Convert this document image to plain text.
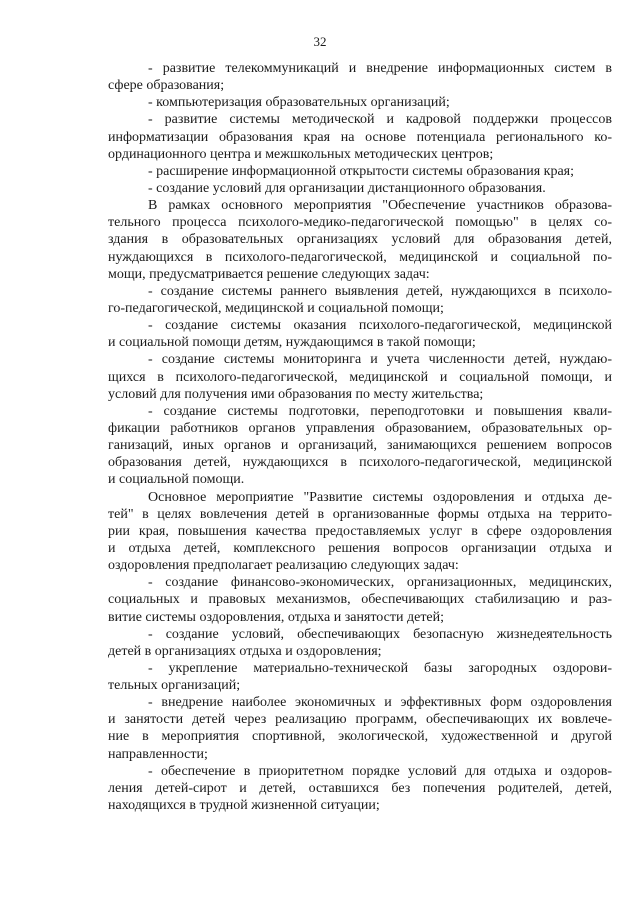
32
- развитие телекоммуникаций и внедрение информационных систем в
сфере образования;
- компьютеризация образовательных организаций;
- развитие системы методической и кадровой поддержки процессов
информатизации образования края на основе потенциала регионального ко-
ординационного центра и межшкольных методических центров;
- расширение информационной открытости системы образования края;
- создание условий для организации дистанционного образования.
В рамках основного мероприятия "Обеспечение участников образова-
тельного процесса психолого-медико-педагогической помощью" в целях со-
здания в образовательных организациях условий для образования детей,
нуждающихся в психолого-педагогической, медицинской и социальной по-
мощи, предусматривается решение следующих задач:
- создание системы раннего выявления детей, нуждающихся в психоло-
го-педагогической, медицинской и социальной помощи;
- создание системы оказания психолого-педагогической, медицинской
и социальной помощи детям, нуждающимся в такой помощи;
- создание системы мониторинга и учета численности детей, нуждаю-
щихся в психолого-педагогической, медицинской и социальной помощи, и
условий для получения ими образования по месту жительства;
- создание системы подготовки, переподготовки и повышения квали-
фикации работников органов управления образованием, образовательных ор-
ганизаций, иных органов и организаций, занимающихся решением вопросов
образования детей, нуждающихся в психолого-педагогической, медицинской
и социальной помощи.
Основное мероприятие "Развитие системы оздоровления и отдыха де-
тей" в целях вовлечения детей в организованные формы отдыха на террито-
рии края, повышения качества предоставляемых услуг в сфере оздоровления
и отдыха детей, комплексного решения вопросов организации отдыха и
оздоровления предполагает реализацию следующих задач:
- создание финансово-экономических, организационных, медицинских,
социальных и правовых механизмов, обеспечивающих стабилизацию и раз-
витие системы оздоровления, отдыха и занятости детей;
- создание условий, обеспечивающих безопасную жизнедеятельность
детей в организациях отдыха и оздоровления;
- укрепление материально-технической базы загородных оздорови-
тельных организаций;
- внедрение наиболее экономичных и эффективных форм оздоровления
и занятости детей через реализацию программ, обеспечивающих их вовлече-
ние в мероприятия спортивной, экологической, художественной и другой
направленности;
- обеспечение в приоритетном порядке условий для отдыха и оздоров-
ления детей-сирот и детей, оставшихся без попечения родителей, детей,
находящихся в трудной жизненной ситуации;
